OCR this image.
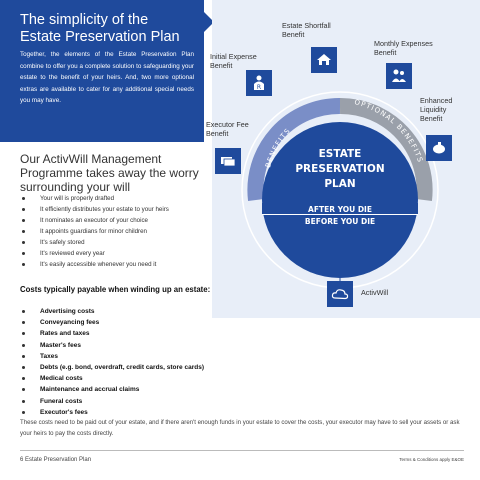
The simplicity of the
Estate Preservation Plan

Together, the elements of the Estate Preservation Plan combine to offer you a complete solution to safeguarding your estate to the benefit of your heirs. And, two more optional extras are available to cater for any additional special needs you may have.

BENEFITS
OPTIONAL BENEFITS
ESTATE
PRESERVATION
PLAN
AFTER YOU DIE
BEFORE YOU DIE
Estate Shortfall
Benefit
Initial Expense
Benefit
Monthly Expenses
Benefit
Enhanced
Liquidity
Benefit
Executor Fee
Benefit
ActivWill
R
Our ActivWill Management Programme takes away the worry surrounding your will
Your will is properly drafted
It efficiently distributes your estate to your heirs
It nominates an executor of your choice
It appoints guardians for minor children
It's safely stored
It's reviewed every year
It's easily accessible whenever you need it
Costs typically payable when winding up an estate:
Advertising costs
Conveyancing fees
Rates and taxes
Master's fees
Taxes
Debts (e.g. bond, overdraft, credit cards, store cards)
Medical costs
Maintenance and accrual claims
Funeral costs
Executor's fees

These costs need to be paid out of your estate, and if there aren't enough funds in your estate to cover the costs, your executor may have to sell your assets or ask your heirs to pay the costs directly.

6 Estate Preservation Plan	Terms & Conditions apply E&OE
